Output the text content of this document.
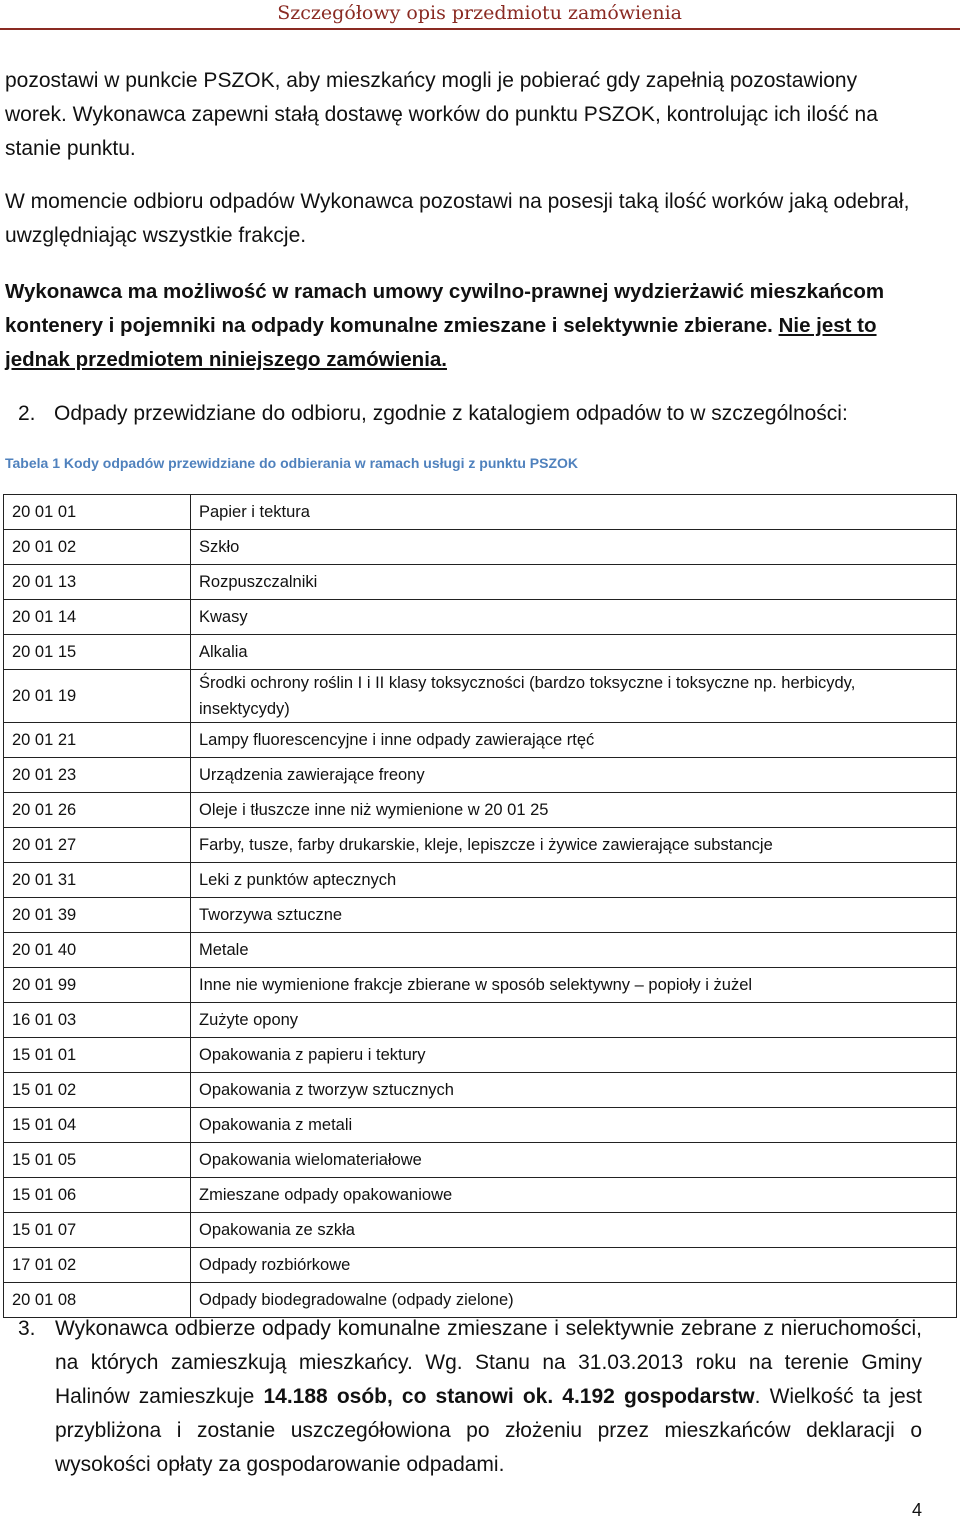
Szczegółowy opis przedmiotu zamówienia
pozostawi w punkcie PSZOK, aby mieszkańcy mogli je pobierać gdy zapełnią pozostawiony worek. Wykonawca zapewni stałą dostawę worków do punktu PSZOK, kontrolując ich ilość na stanie punktu.
W momencie odbioru odpadów Wykonawca pozostawi na posesji taką ilość worków jaką odebrał, uwzględniając wszystkie frakcje.
Wykonawca ma możliwość w ramach umowy cywilno-prawnej wydzierżawić mieszkańcom kontenery i pojemniki na odpady komunalne zmieszane i selektywnie zbierane. Nie jest to jednak przedmiotem niniejszego zamówienia.
2. Odpady przewidziane do odbioru, zgodnie z katalogiem odpadów to w szczególności:
Tabela 1 Kody odpadów przewidziane do odbierania w ramach usługi z punktu PSZOK
20 01 01	Papier i tektura
20 01 02	Szkło
20 01 13	Rozpuszczalniki
20 01 14	Kwasy
20 01 15	Alkalia
20 01 19	Środki ochrony roślin I i II klasy toksyczności (bardzo toksyczne i toksyczne np. herbicydy, insektycydy)
20 01 21	Lampy fluorescencyjne i inne odpady zawierające rtęć
20 01 23	Urządzenia zawierające freony
20 01 26	Oleje i tłuszcze inne niż wymienione w 20 01 25
20 01 27	Farby, tusze, farby drukarskie, kleje, lepiszcze i żywice zawierające substancje
20 01 31	Leki z punktów aptecznych
20 01 39	Tworzywa sztuczne
20 01 40	Metale
20 01 99	Inne nie wymienione frakcje zbierane w sposób selektywny – popioły i żużel
16 01 03	Zużyte opony
15 01 01	Opakowania z papieru i tektury
15 01 02	Opakowania z tworzyw sztucznych
15 01 04	Opakowania z metali
15 01 05	Opakowania wielomateriałowe
15 01 06	Zmieszane odpady opakowaniowe
15 01 07	Opakowania ze szkła
17 01 02	Odpady rozbiórkowe
20 01 08	Odpady biodegradowalne (odpady zielone)
3. Wykonawca odbierze odpady komunalne zmieszane i selektywnie zebrane z nieruchomości, na których zamieszkują mieszkańcy. Wg. Stanu na 31.03.2013 roku na terenie Gminy Halinów zamieszkuje 14.188 osób, co stanowi ok. 4.192 gospodarstw. Wielkość ta jest przybliżona i zostanie uszczegółowiona po złożeniu przez mieszkańców deklaracji o wysokości opłaty za gospodarowanie odpadami.
4
